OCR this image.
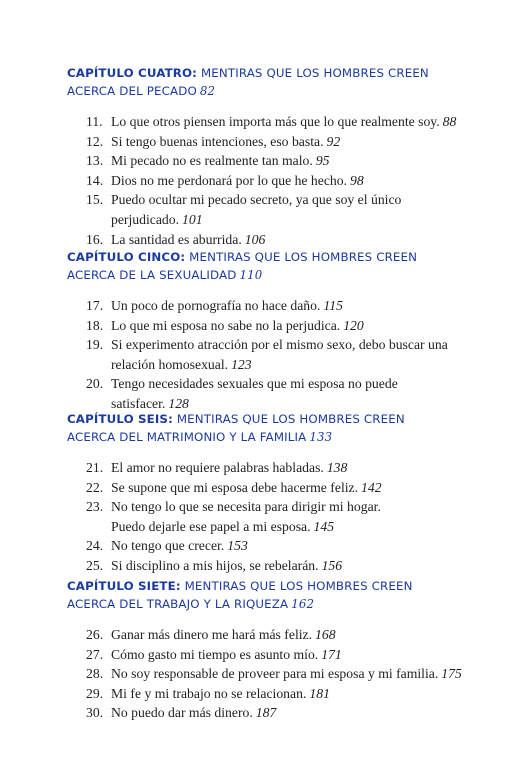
CAPÍTULO CUATRO: MENTIRAS QUE LOS HOMBRES CREEN
ACERCA DEL PECADO 82
11. Lo que otros piensen importa más que lo que realmente soy. 88
12. Si tengo buenas intenciones, eso basta. 92
13. Mi pecado no es realmente tan malo. 95
14. Dios no me perdonará por lo que he hecho. 98
15. Puedo ocultar mi pecado secreto, ya que soy el único
perjudicado. 101
16. La santidad es aburrida. 106
CAPÍTULO CINCO: MENTIRAS QUE LOS HOMBRES CREEN
ACERCA DE LA SEXUALIDAD 110
17. Un poco de pornografía no hace daño. 115
18. Lo que mi esposa no sabe no la perjudica. 120
19. Si experimento atracción por el mismo sexo, debo buscar una
relación homosexual. 123
20. Tengo necesidades sexuales que mi esposa no puede
satisfacer. 128
CAPÍTULO SEIS: MENTIRAS QUE LOS HOMBRES CREEN
ACERCA DEL MATRIMONIO Y LA FAMILIA 133
21. El amor no requiere palabras habladas. 138
22. Se supone que mi esposa debe hacerme feliz. 142
23. No tengo lo que se necesita para dirigir mi hogar.
Puedo dejarle ese papel a mi esposa. 145
24. No tengo que crecer. 153
25. Si disciplino a mis hijos, se rebelarán. 156
CAPÍTULO SIETE: MENTIRAS QUE LOS HOMBRES CREEN
ACERCA DEL TRABAJO Y LA RIQUEZA 162
26. Ganar más dinero me hará más feliz. 168
27. Cómo gasto mi tiempo es asunto mío. 171
28. No soy responsable de proveer para mi esposa y mi familia. 175
29. Mi fe y mi trabajo no se relacionan. 181
30. No puedo dar más dinero. 187
